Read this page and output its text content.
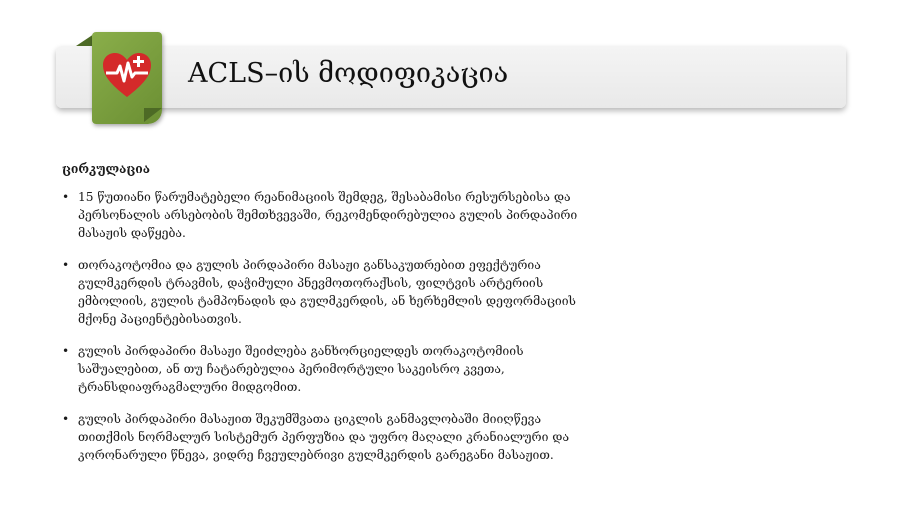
ACLS–ის მოდიფიკაცია
ცირკულაცია
• 15 წუთიანი წარუმატებელი რეანიმაციის შემდეგ, შესაბამისი რესურსებისა და პერსონალის არსებობის შემთხვევაში, რეკომენდირებულია გულის პირდაპირი მასაჟის დაწყება.
• თორაკოტომია და გულის პირდაპირი მასაჟი განსაკუთრებით ეფექტურია გულმკერდის ტრავმის, დაჭიმული პნევმოთორაქსის, ფილტვის არტერიის ემბოლიის, გულის ტამპონადის და გულმკერდის, ან ხერხემლის დეფორმაციის მქონე პაციენტებისათვის.
• გულის პირდაპირი მასაჟი შეიძლება განხორციელდეს თორაკოტომიის საშუალებით, ან თუ ჩატარებულია პერიმორტული საკეისრო კვეთა, ტრანსდიაფრაგმალური მიდგომით.
• გულის პირდაპირი მასაჟით შეკუმშვათა ციკლის განმავლობაში მიიღწევა თითქმის ნორმალურ სისტემურ პერფუზია და უფრო მაღალი კრანიალური და კორონარული წნევა, ვიდრე ჩვეულებრივი გულმკერდის გარეგანი მასაჟით.
